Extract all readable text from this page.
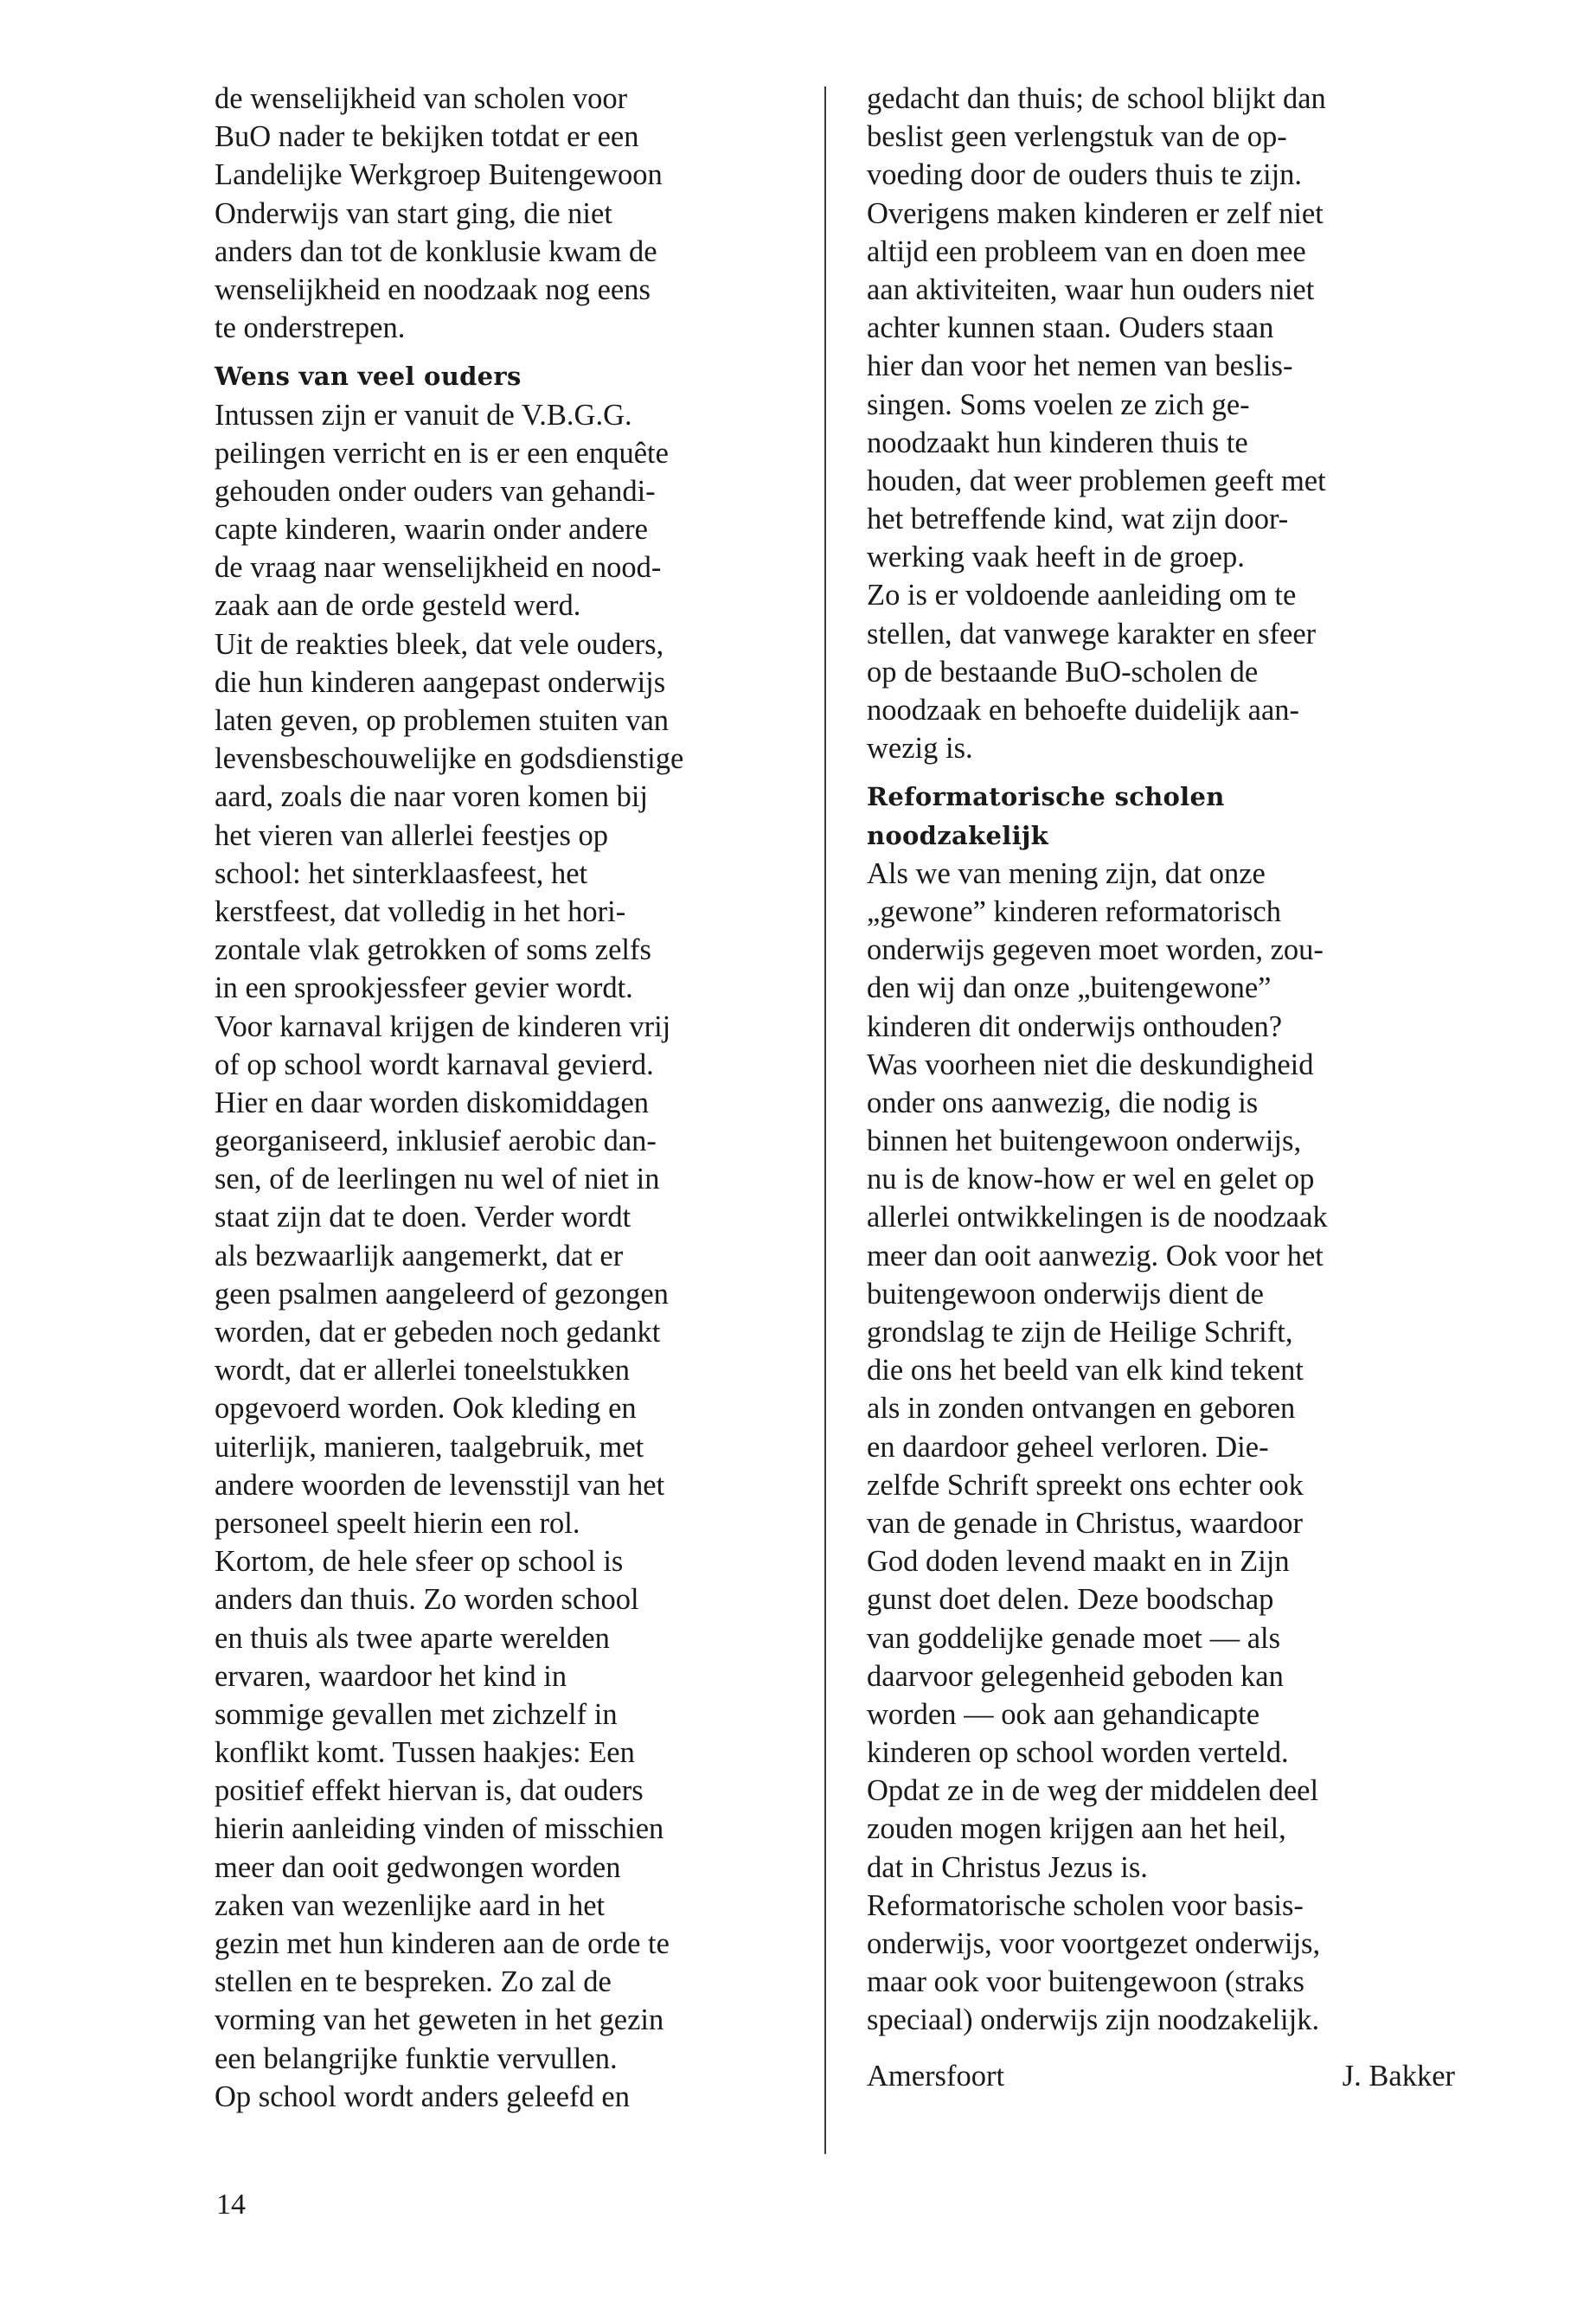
de wenselijkheid van scholen voor
BuO nader te bekijken totdat er een
Landelijke Werkgroep Buitengewoon
Onderwijs van start ging, die niet
anders dan tot de konklusie kwam de
wenselijkheid en noodzaak nog eens
te onderstrepen.
Wens van veel ouders
Intussen zijn er vanuit de V.B.G.G.
peilingen verricht en is er een enquête
gehouden onder ouders van gehandi-
capte kinderen, waarin onder andere
de vraag naar wenselijkheid en nood-
zaak aan de orde gesteld werd.
Uit de reakties bleek, dat vele ouders,
die hun kinderen aangepast onderwijs
laten geven, op problemen stuiten van
levensbeschouwelijke en godsdienstige
aard, zoals die naar voren komen bij
het vieren van allerlei feestjes op
school: het sinterklaasfeest, het
kerstfeest, dat volledig in het hori-
zontale vlak getrokken of soms zelfs
in een sprookjessfeer gevier wordt.
Voor karnaval krijgen de kinderen vrij
of op school wordt karnaval gevierd.
Hier en daar worden diskomiddagen
georganiseerd, inklusief aerobic dan-
sen, of de leerlingen nu wel of niet in
staat zijn dat te doen. Verder wordt
als bezwaarlijk aangemerkt, dat er
geen psalmen aangeleerd of gezongen
worden, dat er gebeden noch gedankt
wordt, dat er allerlei toneelstukken
opgevoerd worden. Ook kleding en
uiterlijk, manieren, taalgebruik, met
andere woorden de levensstijl van het
personeel speelt hierin een rol.
Kortom, de hele sfeer op school is
anders dan thuis. Zo worden school
en thuis als twee aparte werelden
ervaren, waardoor het kind in
sommige gevallen met zichzelf in
konflikt komt. Tussen haakjes: Een
positief effekt hiervan is, dat ouders
hierin aanleiding vinden of misschien
meer dan ooit gedwongen worden
zaken van wezenlijke aard in het
gezin met hun kinderen aan de orde te
stellen en te bespreken. Zo zal de
vorming van het geweten in het gezin
een belangrijke funktie vervullen.
Op school wordt anders geleefd en
gedacht dan thuis; de school blijkt dan
beslist geen verlengstuk van de op-
voeding door de ouders thuis te zijn.
Overigens maken kinderen er zelf niet
altijd een probleem van en doen mee
aan aktiviteiten, waar hun ouders niet
achter kunnen staan. Ouders staan
hier dan voor het nemen van beslis-
singen. Soms voelen ze zich ge-
noodzaakt hun kinderen thuis te
houden, dat weer problemen geeft met
het betreffende kind, wat zijn door-
werking vaak heeft in de groep.
Zo is er voldoende aanleiding om te
stellen, dat vanwege karakter en sfeer
op de bestaande BuO-scholen de
noodzaak en behoefte duidelijk aan-
wezig is.
Reformatorische scholen
noodzakelijk
Als we van mening zijn, dat onze
„gewone” kinderen reformatorisch
onderwijs gegeven moet worden, zou-
den wij dan onze „buitengewone”
kinderen dit onderwijs onthouden?
Was voorheen niet die deskundigheid
onder ons aanwezig, die nodig is
binnen het buitengewoon onderwijs,
nu is de know-how er wel en gelet op
allerlei ontwikkelingen is de noodzaak
meer dan ooit aanwezig. Ook voor het
buitengewoon onderwijs dient de
grondslag te zijn de Heilige Schrift,
die ons het beeld van elk kind tekent
als in zonden ontvangen en geboren
en daardoor geheel verloren. Die-
zelfde Schrift spreekt ons echter ook
van de genade in Christus, waardoor
God doden levend maakt en in Zijn
gunst doet delen. Deze boodschap
van goddelijke genade moet — als
daarvoor gelegenheid geboden kan
worden — ook aan gehandicapte
kinderen op school worden verteld.
Opdat ze in de weg der middelen deel
zouden mogen krijgen aan het heil,
dat in Christus Jezus is.
Reformatorische scholen voor basis-
onderwijs, voor voortgezet onderwijs,
maar ook voor buitengewoon (straks
speciaal) onderwijs zijn noodzakelijk.
Amersfoort	J. Bakker
14
